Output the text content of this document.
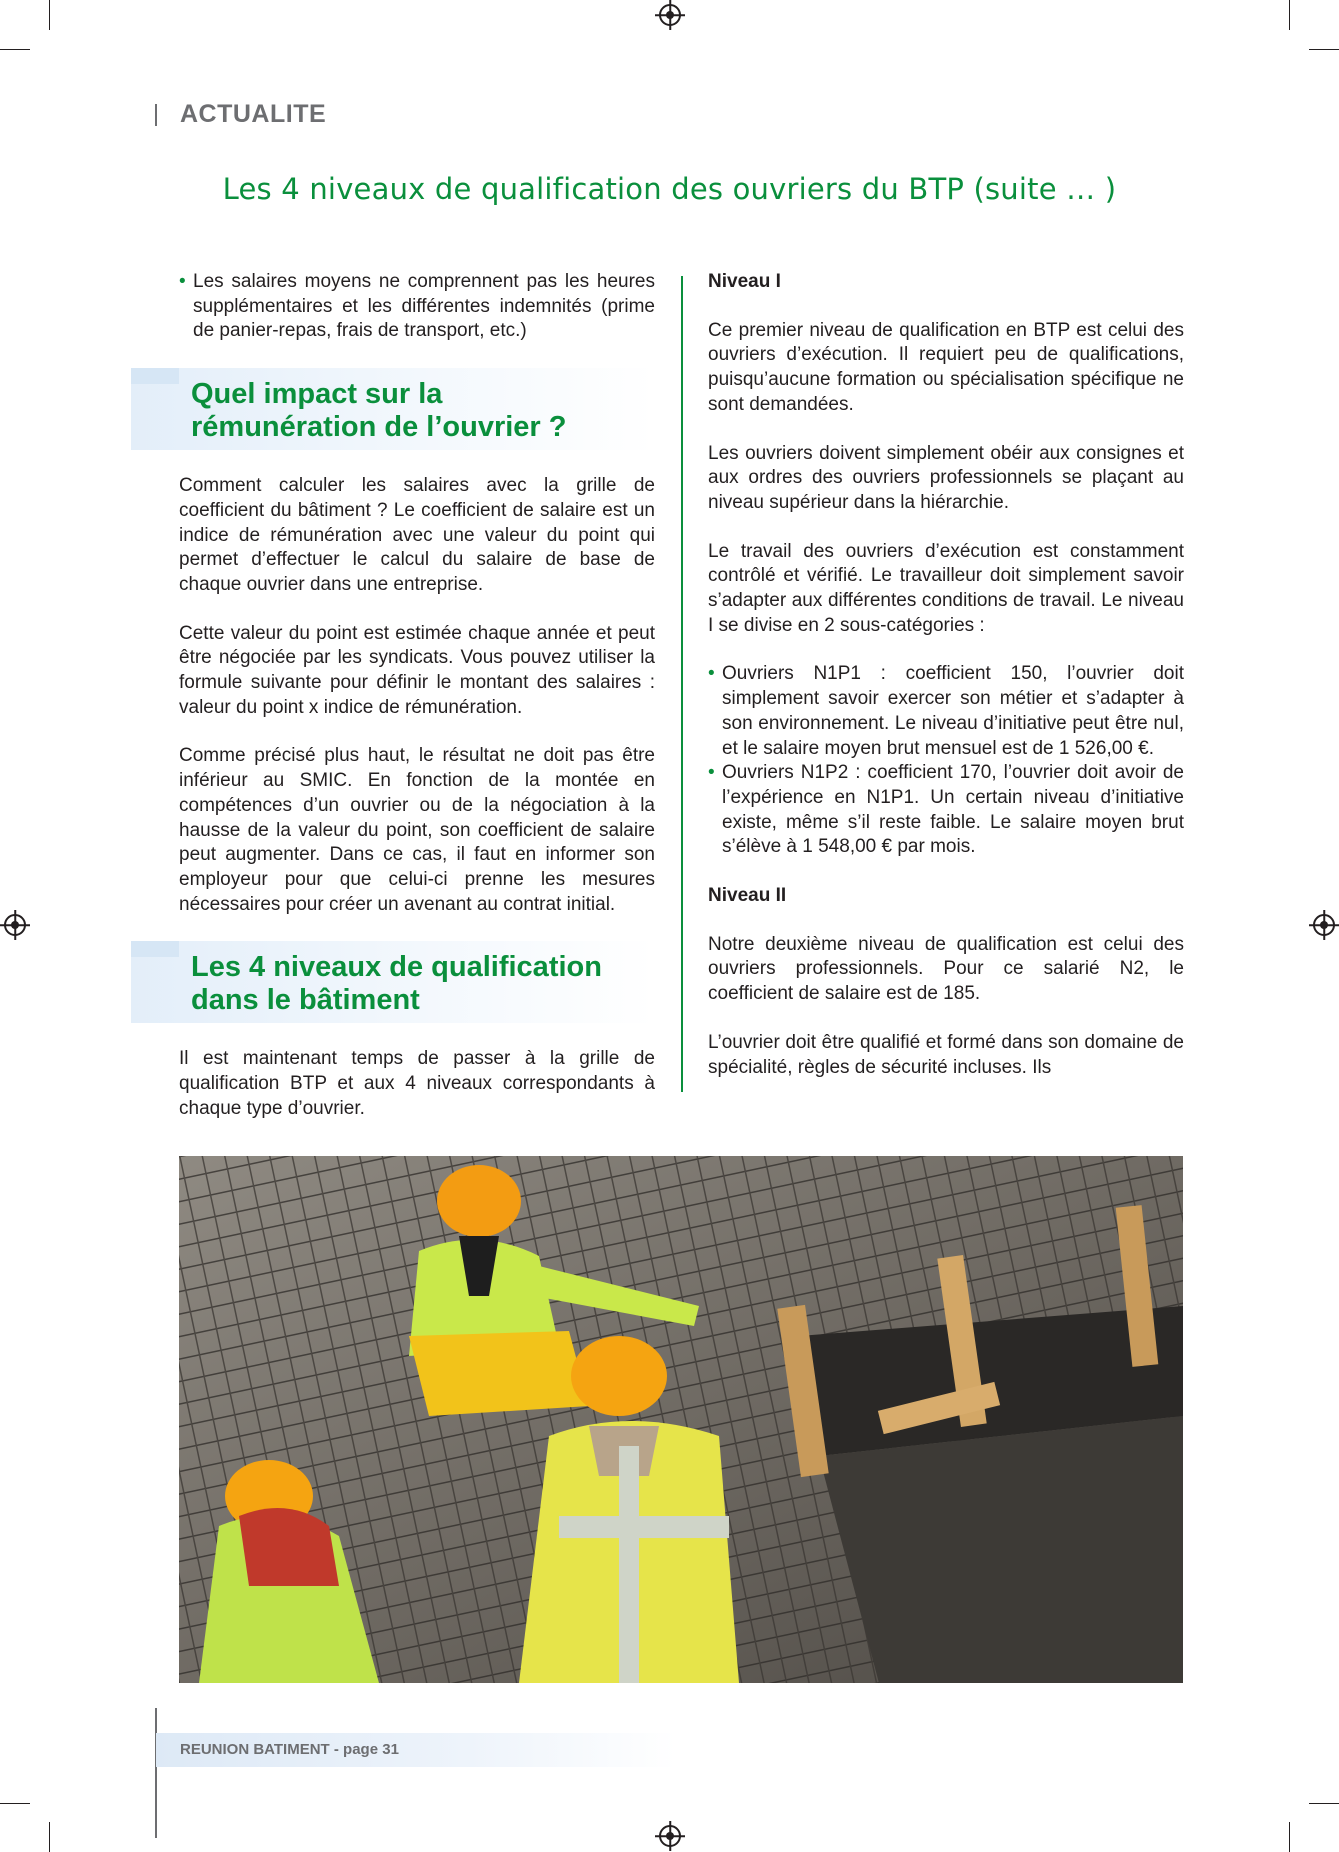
ACTUALITE
Les 4 niveaux de qualification des ouvriers du BTP (suite … )
• Les salaires moyens ne comprennent pas les heures supplémentaires et les différentes indemnités (prime de panier-repas, frais de transport, etc.)
Quel impact sur la rémunération de l’ouvrier ?

Comment calculer les salaires avec la grille de coefficient du bâtiment ? Le coefficient de salaire est un indice de rémunération avec une valeur du point qui permet d’effectuer le calcul du salaire de base de chaque ouvrier dans une entreprise.

Cette valeur du point est estimée chaque année et peut être négociée par les syndicats. Vous pouvez utiliser la formule suivante pour définir le montant des salaires : valeur du point x indice de rémunération.

Comme précisé plus haut, le résultat ne doit pas être inférieur au SMIC. En fonction de la montée en compétences d’un ouvrier ou de la négociation à la hausse de la valeur du point, son coefficient de salaire peut augmenter. Dans ce cas, il faut en informer son employeur pour que celui-ci prenne les mesures nécessaires pour créer un avenant au contrat initial.

Les 4 niveaux de qualification dans le bâtiment

Il est maintenant temps de passer à la grille de qualification BTP et aux 4 niveaux correspondants à chaque type d’ouvrier.

Niveau I

Ce premier niveau de qualification en BTP est celui des ouvriers d’exécution. Il requiert peu de qualifications, puisqu’aucune formation ou spécialisation spécifique ne sont demandées.

Les ouvriers doivent simplement obéir aux consignes et aux ordres des ouvriers professionnels se plaçant au niveau supérieur dans la hiérarchie.

Le travail des ouvriers d’exécution est constamment contrôlé et vérifié. Le travailleur doit simplement savoir s’adapter aux différentes conditions de travail. Le niveau I se divise en 2 sous-catégories :

• Ouvriers N1P1 : coefficient 150, l’ouvrier doit simplement savoir exercer son métier et s’adapter à son environnement. Le niveau d’initiative peut être nul, et le salaire moyen brut mensuel est de 1 526,00 €.
• Ouvriers N1P2 : coefficient 170, l’ouvrier doit avoir de l’expérience en N1P1. Un certain niveau d’initiative existe, même s’il reste faible. Le salaire moyen brut s’élève à 1 548,00 € par mois.

Niveau II

Notre deuxième niveau de qualification est celui des ouvriers professionnels. Pour ce salarié N2, le coefficient de salaire est de 185.

L’ouvrier doit être qualifié et formé dans son domaine de spécialité, règles de sécurité incluses. Ils

REUNION BATIMENT - page 31
